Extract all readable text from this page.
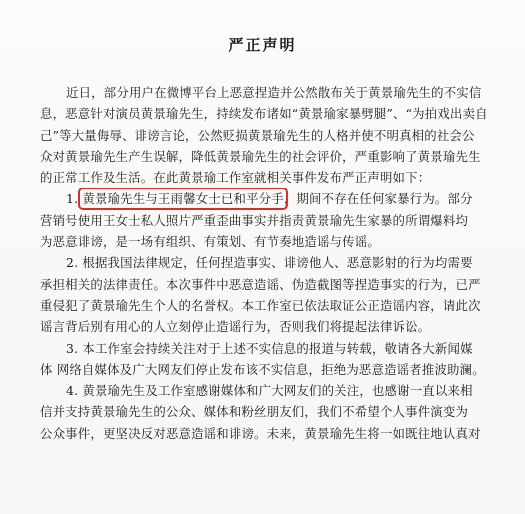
严正声明
近日，部分用户在微博平台上恶意捏造并公然散布关于黄景瑜先生的不实信
息，恶意针对演员黄景瑜先生，持续发布诸如“黄景瑜家暴劈腿”、“为拍戏出卖自
己”等大量侮辱、诽谤言论，公然贬损黄景瑜先生的人格并使不明真相的社会公
众对黄景瑜先生产生误解，降低黄景瑜先生的社会评价，严重影响了黄景瑜先生
的正常工作及生活。在此黄景瑜工作室就相关事件发布严正声明如下：
1. 黄景瑜先生与王雨馨女士已和平分手，期间不存在任何家暴行为。部分
营销号使用王女士私人照片严重歪曲事实并指责黄景瑜先生家暴的所谓爆料均
为恶意诽谤，是一场有组织、有策划、有节奏地造谣与传谣。
2. 根据我国法律规定，任何捏造事实、诽谤他人、恶意影射的行为均需要
承担相关的法律责任。本次事件中恶意造谣、伪造截图等捏造事实的行为，已严
重侵犯了黄景瑜先生个人的名誉权。本工作室已依法取证公正造谣内容，请此次
谣言背后别有用心的人立刻停止造谣行为，否则我们将提起法律诉讼。
3. 本工作室会持续关注对于上述不实信息的报道与转载，敬请各大新闻媒
体 网络自媒体及广大网友们停止发布该不实信息，拒绝为恶意造谣者推波助澜。
4. 黄景瑜先生及工作室感谢媒体和广大网友们的关注，也感谢一直以来相
信并支持黄景瑜先生的公众、媒体和粉丝朋友们，我们不希望个人事件演变为
公众事件，更坚决反对恶意造谣和诽谤。未来，黄景瑜先生将一如既往地认真对
